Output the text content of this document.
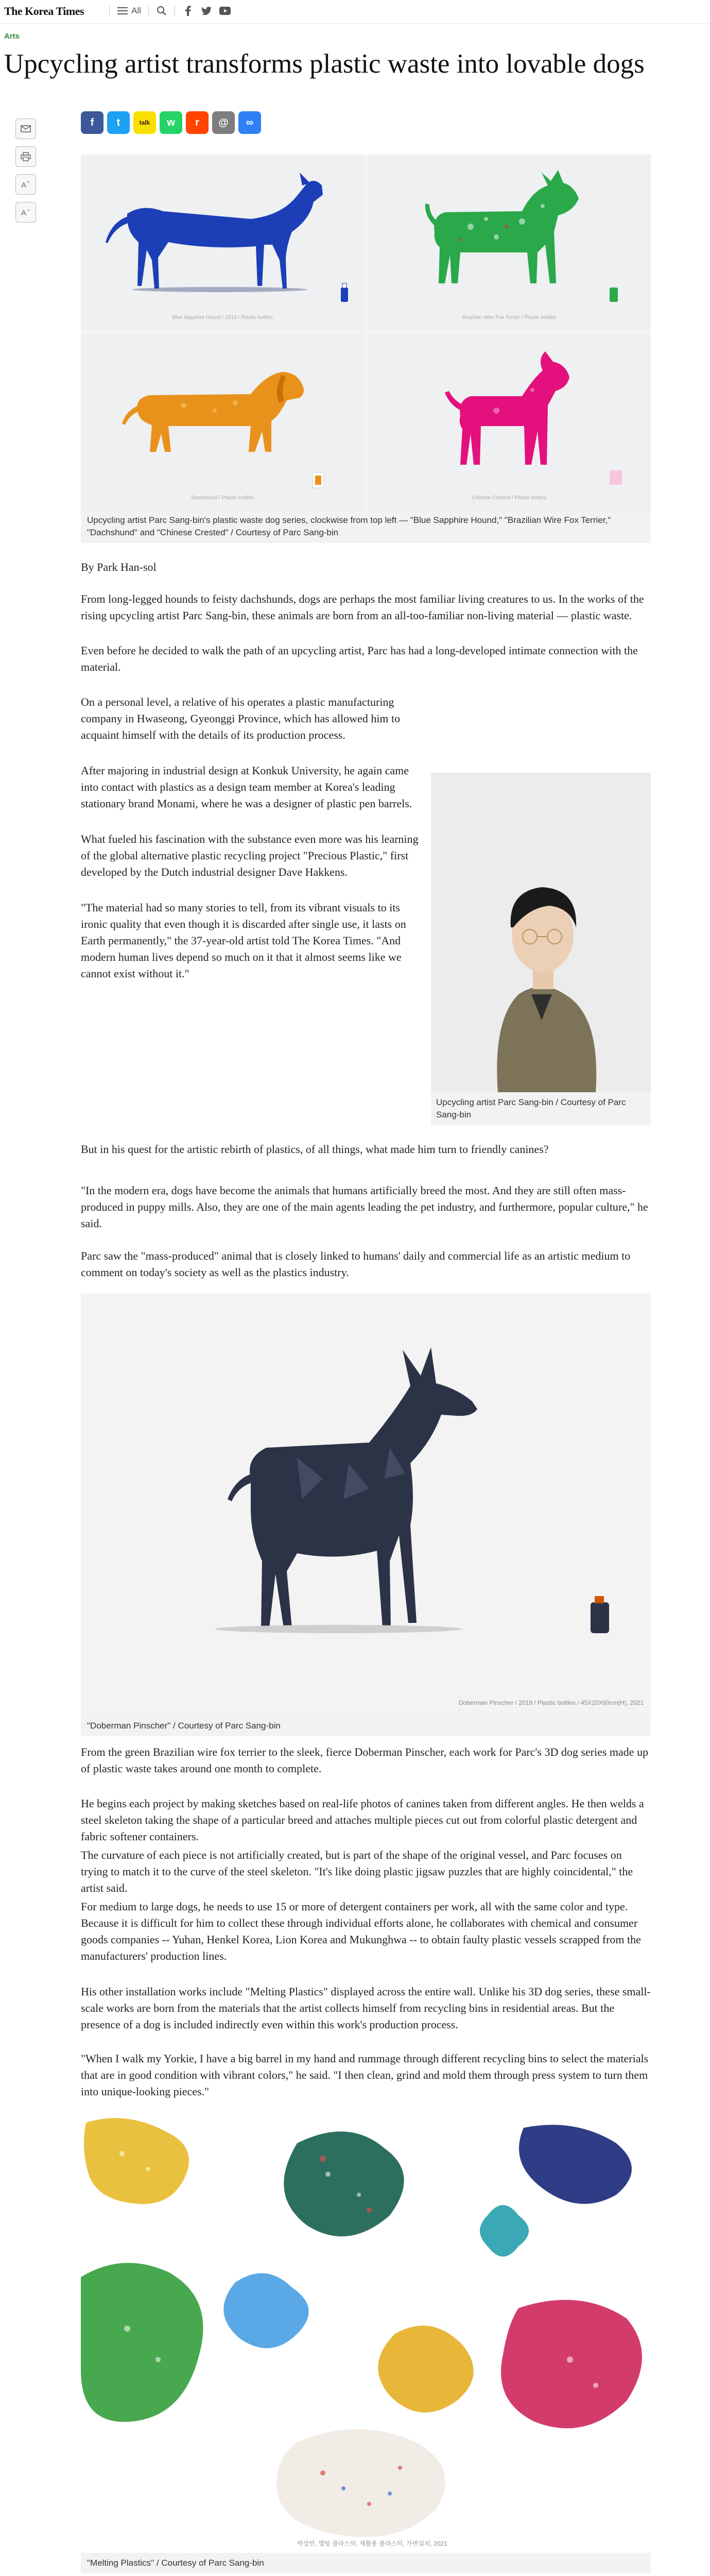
The Korea Times	All
Arts
Upcycling artist transforms plastic waste into lovable dogs
A +
A −
f t	talk w r @ ∞
Blue Sapphire Hound / 2019 / Plastic bottles	Brazilian Wire Fox Terrier / Plastic bottles
Dachshund / Plastic bottles	Chinese Crested / Plastic bottles
Upcycling artist Parc Sang-bin's plastic waste dog series, clockwise from top left — "Blue Sapphire Hound," "Brazilian Wire Fox Terrier," "Dachshund" and "Chinese Crested" / Courtesy of Parc Sang-bin

By Park Han-sol

From long-legged hounds to feisty dachshunds, dogs are perhaps the most familiar living creatures to us. In the works of the rising upcycling artist Parc Sang-bin, these animals are born from an all-too-familiar non-living material — plastic waste.

Even before he decided to walk the path of an upcycling artist, Parc has had a long-developed intimate connection with the material.

On a personal level, a relative of his operates a plastic manufacturing company in Hwaseong, Gyeonggi Province, which has allowed him to acquaint himself with the details of its production process.

After majoring in industrial design at Konkuk University, he again came into contact with plastics as a design team member at Korea's leading stationary brand Monami, where he was a designer of plastic pen barrels.

What fueled his fascination with the substance even more was his learning of the global alternative plastic recycling project "Precious Plastic," first developed by the Dutch industrial designer Dave Hakkens.

"The material had so many stories to tell, from its vibrant visuals to its ironic quality that even though it is discarded after single use, it lasts on Earth permanently," the 37-year-old artist told The Korea Times. "And modern human lives depend so much on it that it almost seems like we cannot exist without it."

Upcycling artist Parc Sang-bin / Courtesy of Parc Sang-bin

But in his quest for the artistic rebirth of plastics, of all things, what made him turn to friendly canines?

"In the modern era, dogs have become the animals that humans artificially breed the most. And they are still often mass-produced in puppy mills. Also, they are one of the main agents leading the pet industry, and furthermore, popular culture," he said.

Parc saw the "mass-produced" animal that is closely linked to humans' daily and commercial life as an artistic medium to comment on today's society as well as the plastics industry.

Doberman Pinscher / 2019 / Plastic bottles / 45X20X60cm(H), 2021
"Doberman Pinscher" / Courtesy of Parc Sang-bin

From the green Brazilian wire fox terrier to the sleek, fierce Doberman Pinscher, each work for Parc's 3D dog series made up of plastic waste takes around one month to complete.

He begins each project by making sketches based on real-life photos of canines taken from different angles. He then welds a steel skeleton taking the shape of a particular breed and attaches multiple pieces cut out from colorful plastic detergent and fabric softener containers.

The curvature of each piece is not artificially created, but is part of the shape of the original vessel, and Parc focuses on trying to match it to the curve of the steel skeleton. "It's like doing plastic jigsaw puzzles that are highly coincidental," the artist said.

For medium to large dogs, he needs to use 15 or more of detergent containers per work, all with the same color and type. Because it is difficult for him to collect these through individual efforts alone, he collaborates with chemical and consumer goods companies -- Yuhan, Henkel Korea, Lion Korea and Mukunghwa -- to obtain faulty plastic vessels scrapped from the manufacturers' production lines.

His other installation works include "Melting Plastics" displayed across the entire wall. Unlike his 3D dog series, these small-scale works are born from the materials that the artist collects himself from recycling bins in residential areas. But the presence of a dog is included indirectly even within this work's production process.

"When I walk my Yorkie, I have a big barrel in my hand and rummage through different recycling bins to select the materials that are in good condition with vibrant colors," he said. "I then clean, grind and mold them through press system to turn them into unique-looking pieces."

박상빈, 멜팅 플라스틱, 재활용 플라스틱, 가변설치, 2021
"Melting Plastics" / Courtesy of Parc Sang-bin
